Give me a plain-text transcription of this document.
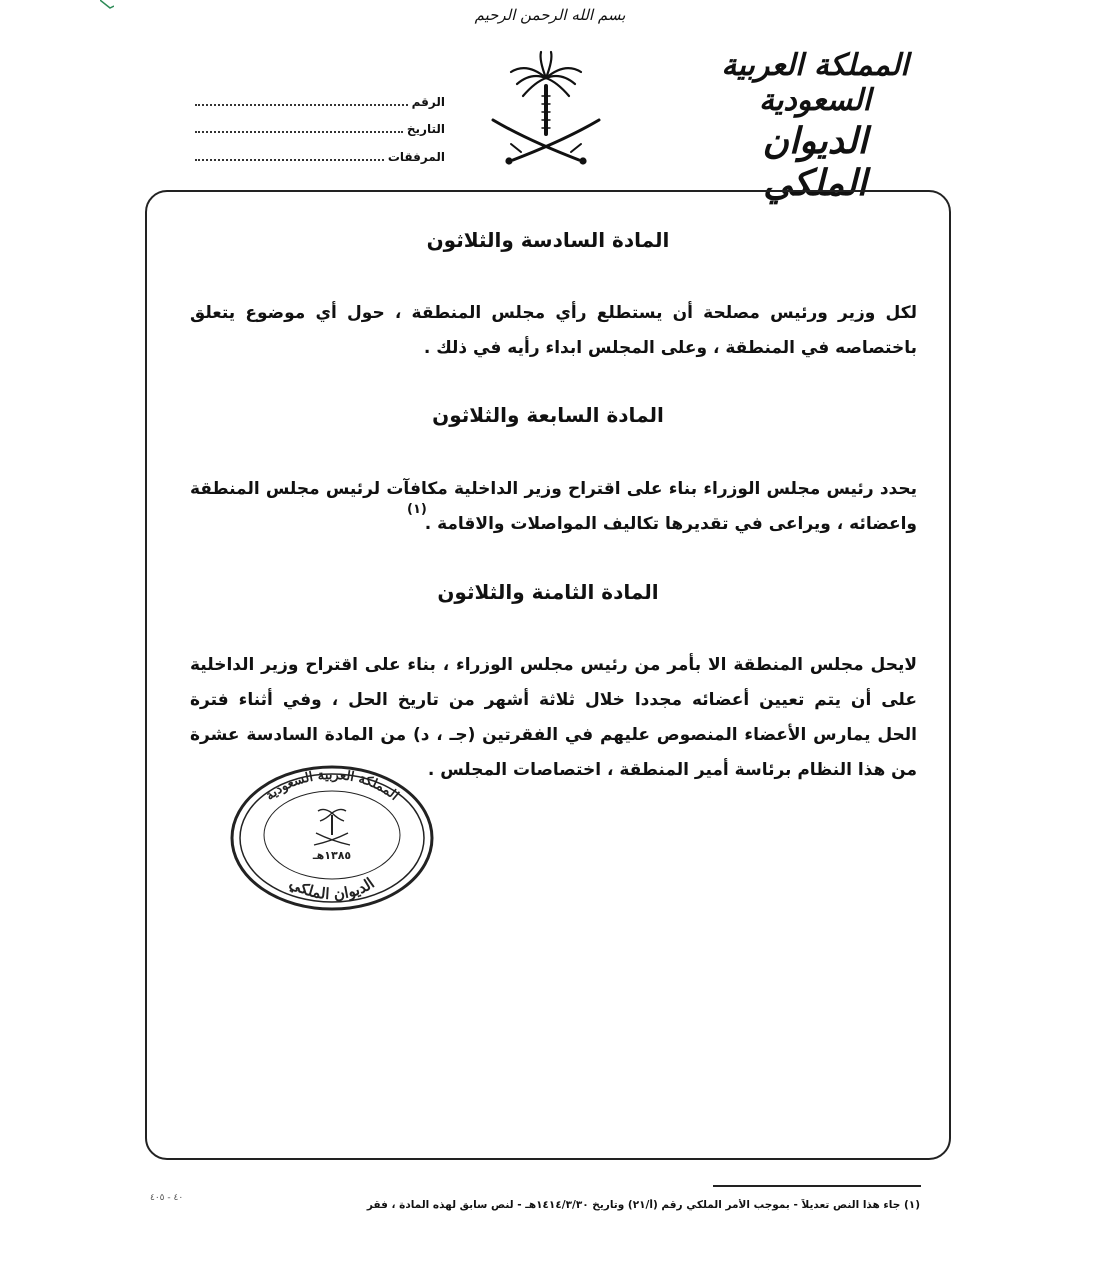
بسم الله الرحمن الرحيم
المملكة العربية السعودية
الديوان الملكي
الرقم
التاريخ
المرفقات
المادة السادسة والثلاثون
لكل وزير ورئيس مصلحة أن يستطلع رأي مجلس المنطقة ، حول أي موضوع يتعلق
باختصاصه في المنطقة ، وعلى المجلس ابداء رأيه في ذلك .
المادة السابعة والثلاثون
يحدد رئيس مجلس الوزراء بناء على اقتراح وزير الداخلية مكافآت لرئيس مجلس المنطقة
واعضائه ، ويراعى في تقديرها تكاليف المواصلات والاقامة .
(١)
المادة الثامنة والثلاثون
لايحل مجلس المنطقة الا بأمر من رئيس مجلس الوزراء ، بناء على اقتراح وزير الداخلية
على أن يتم تعيين أعضائه مجددا خلال ثلاثة أشهر من تاريخ الحل ، وفي أثناء فترة
الحل يمارس الأعضاء المنصوص عليهم في الفقرتين (جـ ، د) من المادة السادسة عشرة
من هذا النظام برئاسة أمير المنطقة ، اختصاصات المجلس .
المملكة العربية السعودية
الديوان الملكي
١٣٨٥هـ
(١) جاء هذا النص تعديلاً - بموجب الأمر الملكي رقم (أ/٢١) وتاريخ ١٤١٤/٣/٣٠هـ - لنص سابق لهذه المادة ، فقر
٤٠ - ٤٠٥
